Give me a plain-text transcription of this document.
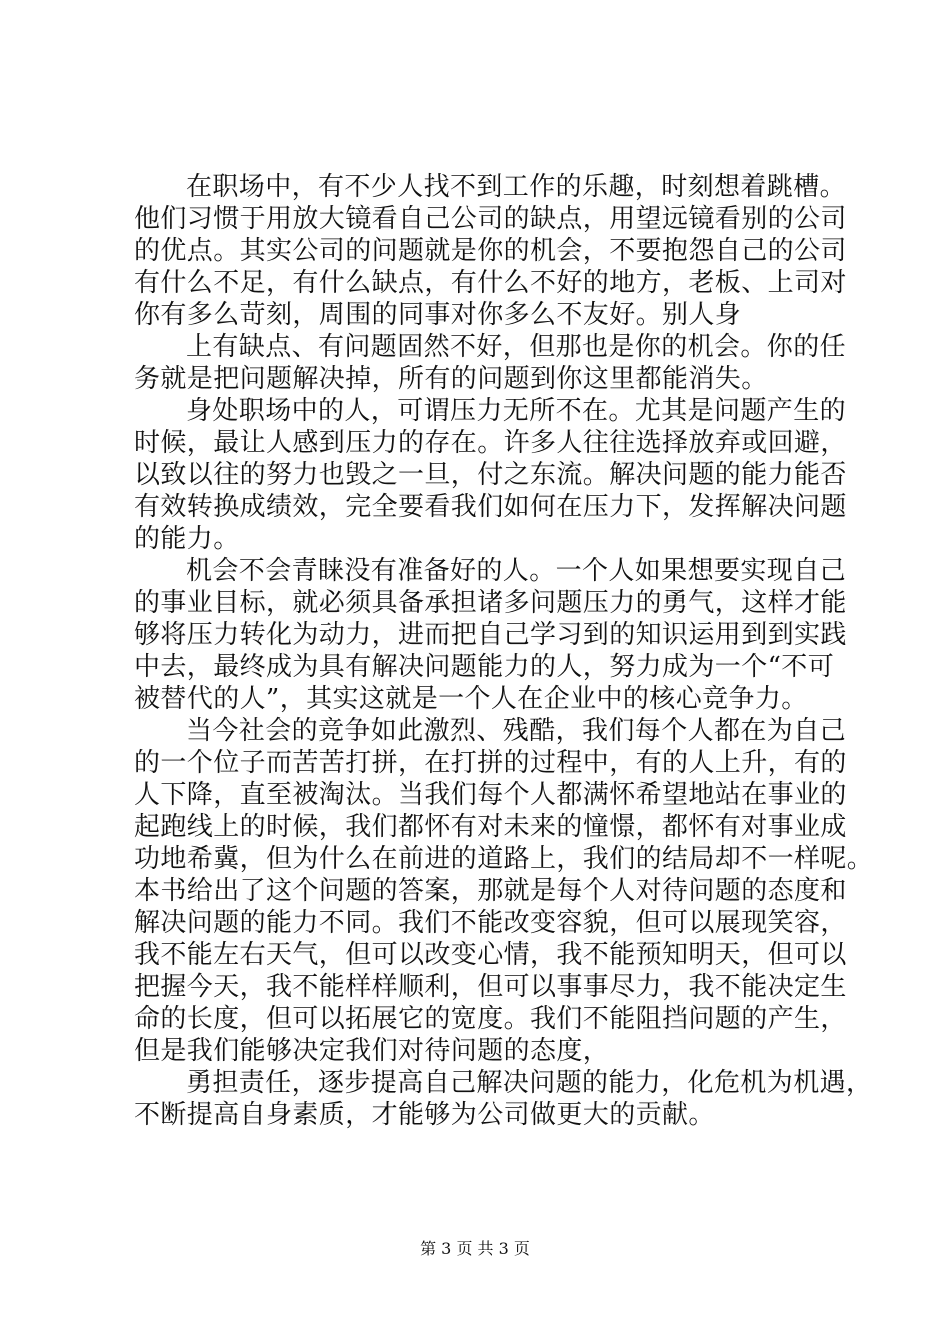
在职场中，有不少人找不到工作的乐趣，时刻想着跳槽。
他们习惯于用放大镜看自己公司的缺点，用望远镜看别的公司
的优点。其实公司的问题就是你的机会，不要抱怨自己的公司
有什么不足，有什么缺点，有什么不好的地方，老板、上司对
你有多么苛刻，周围的同事对你多么不友好。别人身
上有缺点、有问题固然不好，但那也是你的机会。你的任
务就是把问题解决掉，所有的问题到你这里都能消失。
身处职场中的人，可谓压力无所不在。尤其是问题产生的
时候，最让人感到压力的存在。许多人往往选择放弃或回避，
以致以往的努力也毁之一旦，付之东流。解决问题的能力能否
有效转换成绩效，完全要看我们如何在压力下，发挥解决问题
的能力。
机会不会青睐没有准备好的人。一个人如果想要实现自己
的事业目标，就必须具备承担诸多问题压力的勇气，这样才能
够将压力转化为动力，进而把自己学习到的知识运用到到实践
中去，最终成为具有解决问题能力的人，努力成为一个“不可
被替代的人”，其实这就是一个人在企业中的核心竞争力。
当今社会的竞争如此激烈、残酷，我们每个人都在为自己
的一个位子而苦苦打拼，在打拼的过程中，有的人上升，有的
人下降，直至被淘汰。当我们每个人都满怀希望地站在事业的
起跑线上的时候，我们都怀有对未来的憧憬，都怀有对事业成
功地希冀，但为什么在前进的道路上，我们的结局却不一样呢。
本书给出了这个问题的答案，那就是每个人对待问题的态度和
解决问题的能力不同。我们不能改变容貌，但可以展现笑容，
我不能左右天气，但可以改变心情，我不能预知明天，但可以
把握今天，我不能样样顺利，但可以事事尽力，我不能决定生
命的长度，但可以拓展它的宽度。我们不能阻挡问题的产生，
但是我们能够决定我们对待问题的态度，
勇担责任，逐步提高自己解决问题的能力，化危机为机遇，
不断提高自身素质，才能够为公司做更大的贡献。
第 3 页 共 3 页
